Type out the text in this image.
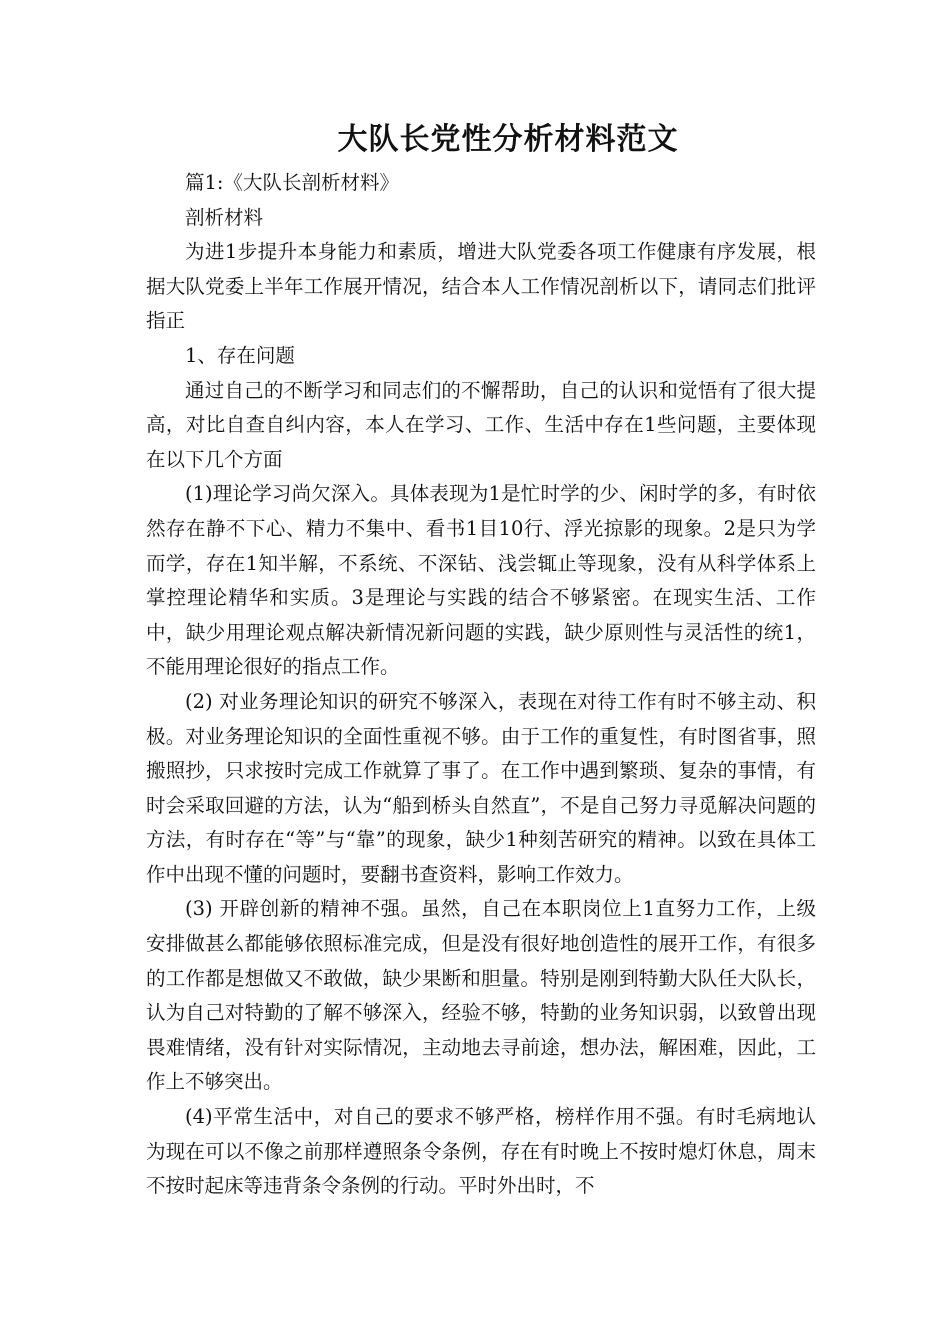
大队长党性分析材料范文

篇1:《大队长剖析材料》

剖析材料

为进1步提升本身能力和素质，增进大队党委各项工作健康有序发展，根据大队党委上半年工作展开情况，结合本人工作情况剖析以下，请同志们批评指正

1、存在问题

通过自己的不断学习和同志们的不懈帮助，自己的认识和觉悟有了很大提高，对比自查自纠内容，本人在学习、工作、生活中存在1些问题，主要体现在以下几个方面

(1)理论学习尚欠深入。具体表现为1是忙时学的少、闲时学的多，有时依然存在静不下心、精力不集中、看书1目10行、浮光掠影的现象。2是只为学而学，存在1知半解，不系统、不深钻、浅尝辄止等现象，没有从科学体系上掌控理论精华和实质。3是理论与实践的结合不够紧密。在现实生活、工作中，缺少用理论观点解决新情况新问题的实践，缺少原则性与灵活性的统1，不能用理论很好的指点工作。

(2) 对业务理论知识的研究不够深入，表现在对待工作有时不够主动、积极。对业务理论知识的全面性重视不够。由于工作的重复性，有时图省事，照搬照抄，只求按时完成工作就算了事了。在工作中遇到繁琐、复杂的事情，有时会采取回避的方法，认为“船到桥头自然直”，不是自己努力寻觅解决问题的方法，有时存在“等”与“靠”的现象，缺少1种刻苦研究的精神。以致在具体工作中出现不懂的问题时，要翻书查资料，影响工作效力。

(3) 开辟创新的精神不强。虽然，自己在本职岗位上1直努力工作，上级安排做甚么都能够依照标准完成，但是没有很好地创造性的展开工作，有很多的工作都是想做又不敢做，缺少果断和胆量。特别是刚到特勤大队任大队长，认为自己对特勤的了解不够深入，经验不够，特勤的业务知识弱，以致曾出现畏难情绪，没有针对实际情况，主动地去寻前途，想办法，解困难，因此，工作上不够突出。

(4)平常生活中，对自己的要求不够严格，榜样作用不强。有时毛病地认为现在可以不像之前那样遵照条令条例，存在有时晚上不按时熄灯休息，周末不按时起床等违背条令条例的行动。平时外出时，不
